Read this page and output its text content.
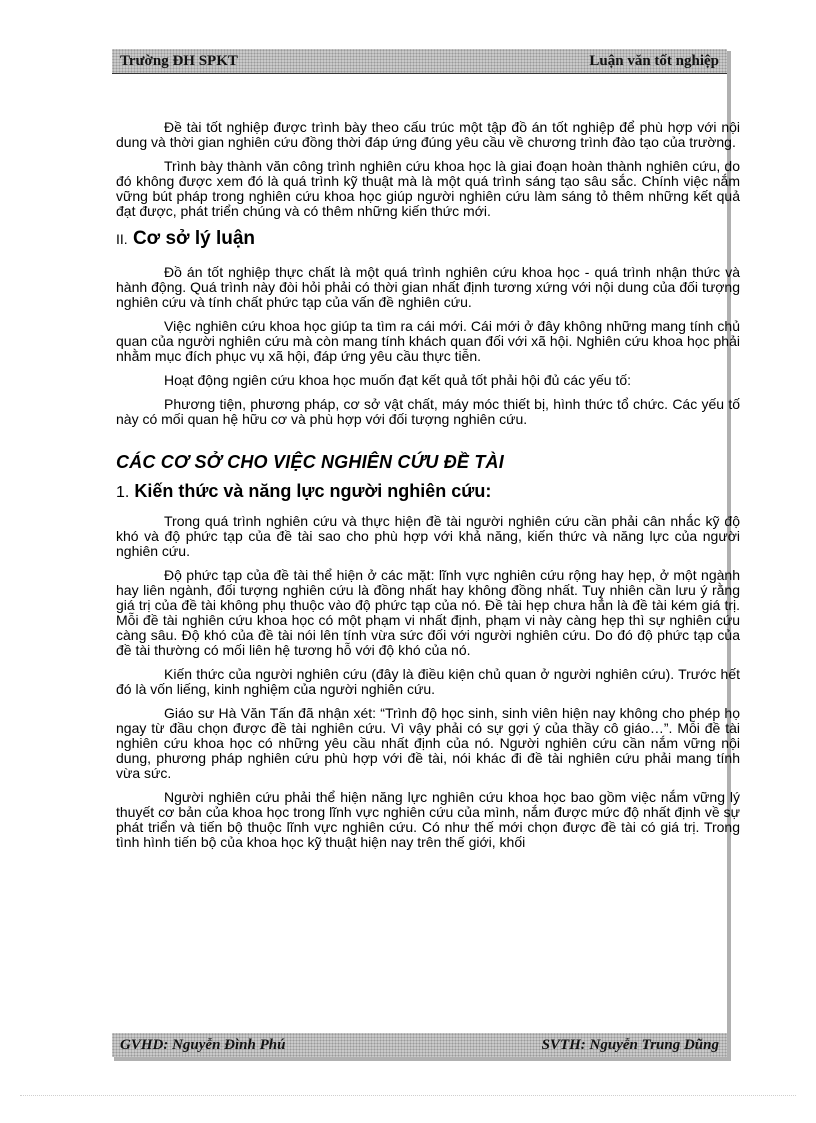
Trường ĐH SPKT	Luận văn tốt nghiệp

Đề tài tốt nghiệp được trình bày theo cấu trúc một tập đồ án tốt nghiệp để phù hợp với nội dung và thời gian nghiên cứu đồng thời đáp ứng đúng yêu cầu về chương trình đào tạo của trường.

Trình bày thành văn công trình nghiên cứu khoa học là giai đoạn hoàn thành nghiên cứu, do đó không được xem đó là quá trình kỹ thuật mà là một quá trình sáng tạo sâu sắc. Chính việc nắm vững bút pháp trong nghiên cứu khoa học giúp người nghiên cứu làm sáng tỏ thêm những kết quả đạt được, phát triển chúng và có thêm những kiến thức mới.

II. Cơ sở lý luận

Đồ án tốt nghiệp thực chất là một quá trình nghiên cứu khoa học - quá trình nhận thức và hành động. Quá trình này đòi hỏi phải có thời gian nhất định tương xứng với nội dung của đối tượng nghiên cứu và tính chất phức tạp của vấn đề nghiên cứu.

Việc nghiên cứu khoa học giúp ta tìm ra cái mới. Cái mới ở đây không những mang tính chủ quan của người nghiên cứu mà còn mang tính khách quan đối với xã hội. Nghiên cứu khoa học phải nhằm mục đích phục vụ xã hội, đáp ứng yêu cầu thực tiễn.

Hoạt động ngiên cứu khoa học muốn đạt kết quả tốt phải hội đủ các yếu tố:

Phương tiện, phương pháp, cơ sở vật chất, máy móc thiết bị, hình thức tổ chức. Các yếu tố này có mối quan hệ hữu cơ và phù hợp với đối tượng nghiên cứu.

CÁC CƠ SỞ CHO VIỆC NGHIÊN CỨU ĐỀ TÀI
1. Kiến thức và năng lực người nghiên cứu:

Trong quá trình nghiên cứu và thực hiện đề tài người nghiên cứu cần phải cân nhắc kỹ độ khó và độ phức tạp của đề tài sao cho phù hợp với khả năng, kiến thức và năng lực của người nghiên cứu.

Độ phức tạp của đề tài thể hiện ở các mặt: lĩnh vực nghiên cứu rộng hay hẹp, ở một ngành hay liên ngành, đối tượng nghiên cứu là đồng nhất hay không đồng nhất. Tuy nhiên cần lưu ý rằng giá trị của đề tài không phụ thuộc vào độ phức tạp của nó. Đề tài hẹp chưa hẳn là đề tài kém giá trị. Mỗi đề tài nghiên cứu khoa học có một phạm vi nhất định, phạm vi này càng hẹp thì sự nghiên cứu càng sâu. Độ khó của đề tài nói lên tính vừa sức đối với người nghiên cứu. Do đó độ phức tạp của đề tài thường có mối liên hệ tương hỗ với độ khó của nó.

Kiến thức của người nghiên cứu (đây là điều kiện chủ quan ở người nghiên cứu). Trước hết đó là vốn liếng, kinh nghiệm của người nghiên cứu.

Giáo sư Hà Văn Tấn đã nhận xét: “Trình độ học sinh, sinh viên hiện nay không cho phép họ ngay từ đầu chọn được đề tài nghiên cứu. Vì vậy phải có sự gợi ý của thầy cô giáo…”. Mỗi đề tài nghiên cứu khoa học có những yêu cầu nhất định của nó. Người nghiên cứu cần nắm vững nội dung, phương pháp nghiên cứu phù hợp với đề tài, nói khác đi đề tài nghiên cứu phải mang tính vừa sức.

Người nghiên cứu phải thể hiện năng lực nghiên cứu khoa học bao gồm việc nắm vững lý thuyết cơ bản của khoa học trong lĩnh vực nghiên cứu của mình, nắm được mức độ nhất định về sự phát triển và tiến bộ thuộc lĩnh vực nghiên cứu. Có như thế mới chọn được đề tài có giá trị. Trong tình hình tiến bộ của khoa học kỹ thuật hiện nay trên thế giới, khối

GVHD: Nguyễn Đình Phú	SVTH: Nguyễn Trung Dũng
